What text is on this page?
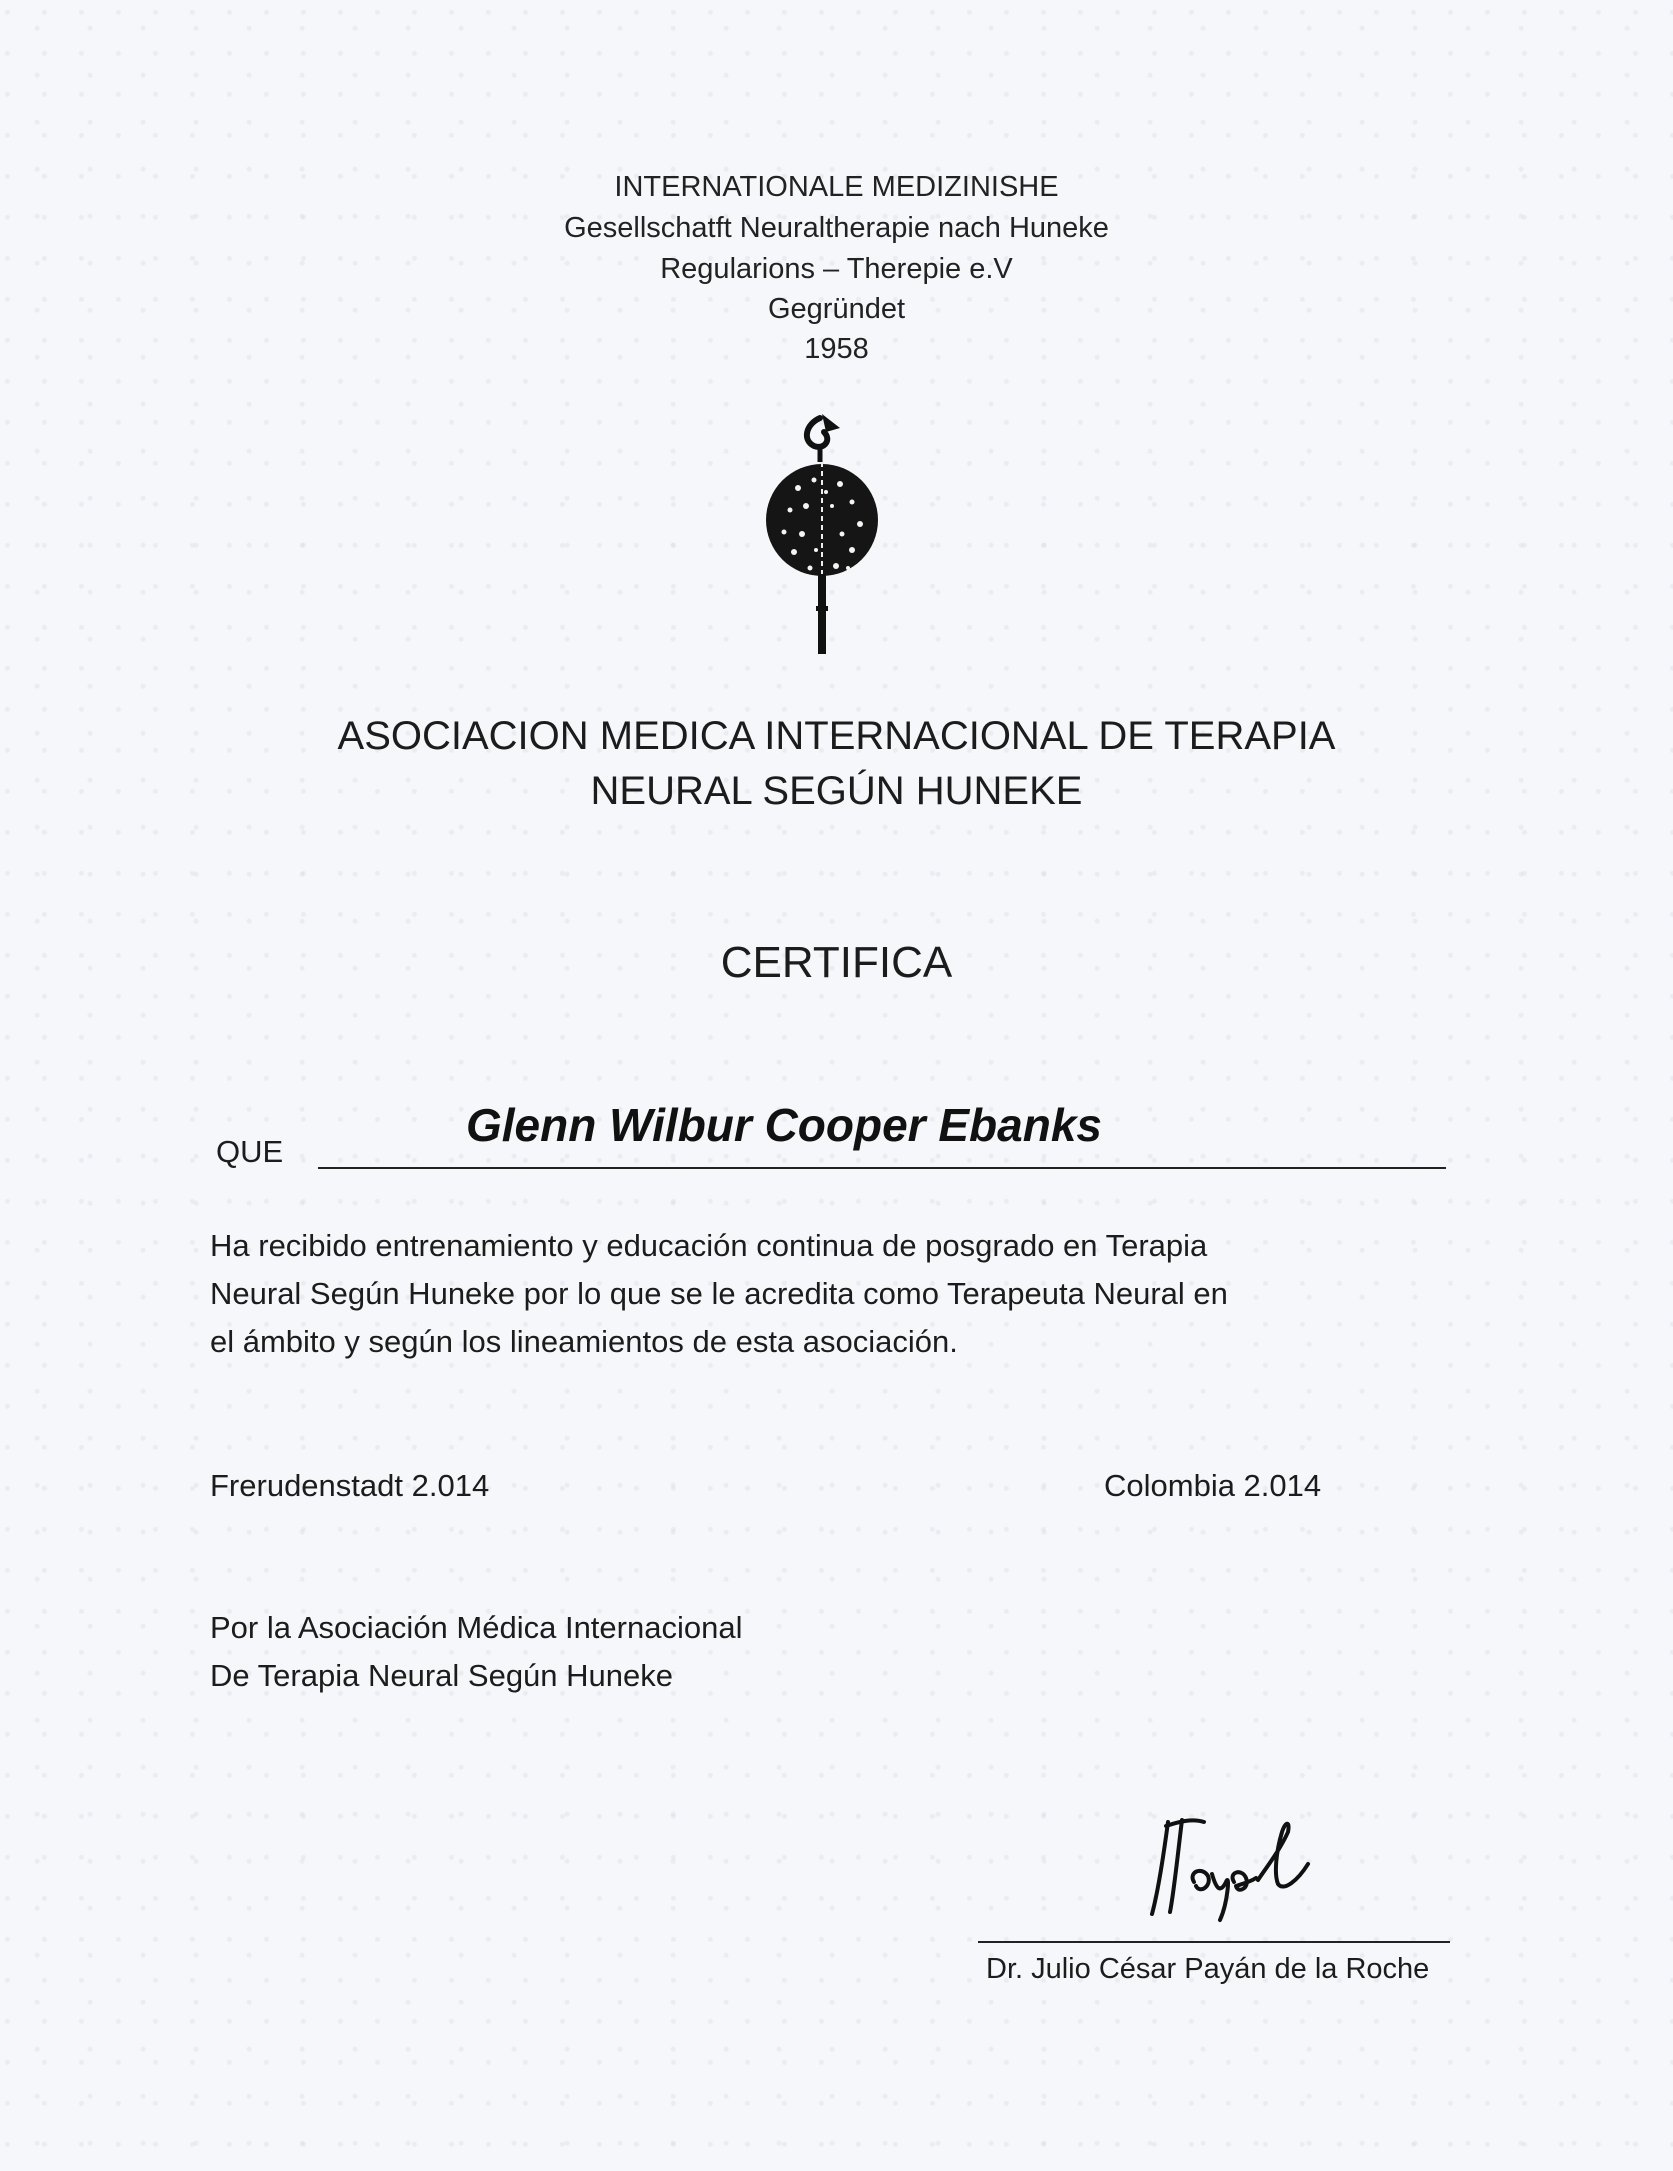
INTERNATIONALE MEDIZINISHE
Gesellschatft Neuraltherapie nach Huneke
Regularions – Therepie e.V
Gegründet
1958
ASOCIACION MEDICA INTERNACIONAL DE TERAPIA
NEURAL SEGÚN HUNEKE
CERTIFICA
QUE
Glenn Wilbur Cooper Ebanks
Ha recibido entrenamiento y educación continua de posgrado en Terapia
Neural Según Huneke por lo que se le acredita como Terapeuta Neural en
el ámbito y según los lineamientos de esta asociación.
Frerudenstadt 2.014	Colombia 2.014
Por la Asociación Médica Internacional
De Terapia Neural Según Huneke
Dr. Julio César Payán de la Roche
